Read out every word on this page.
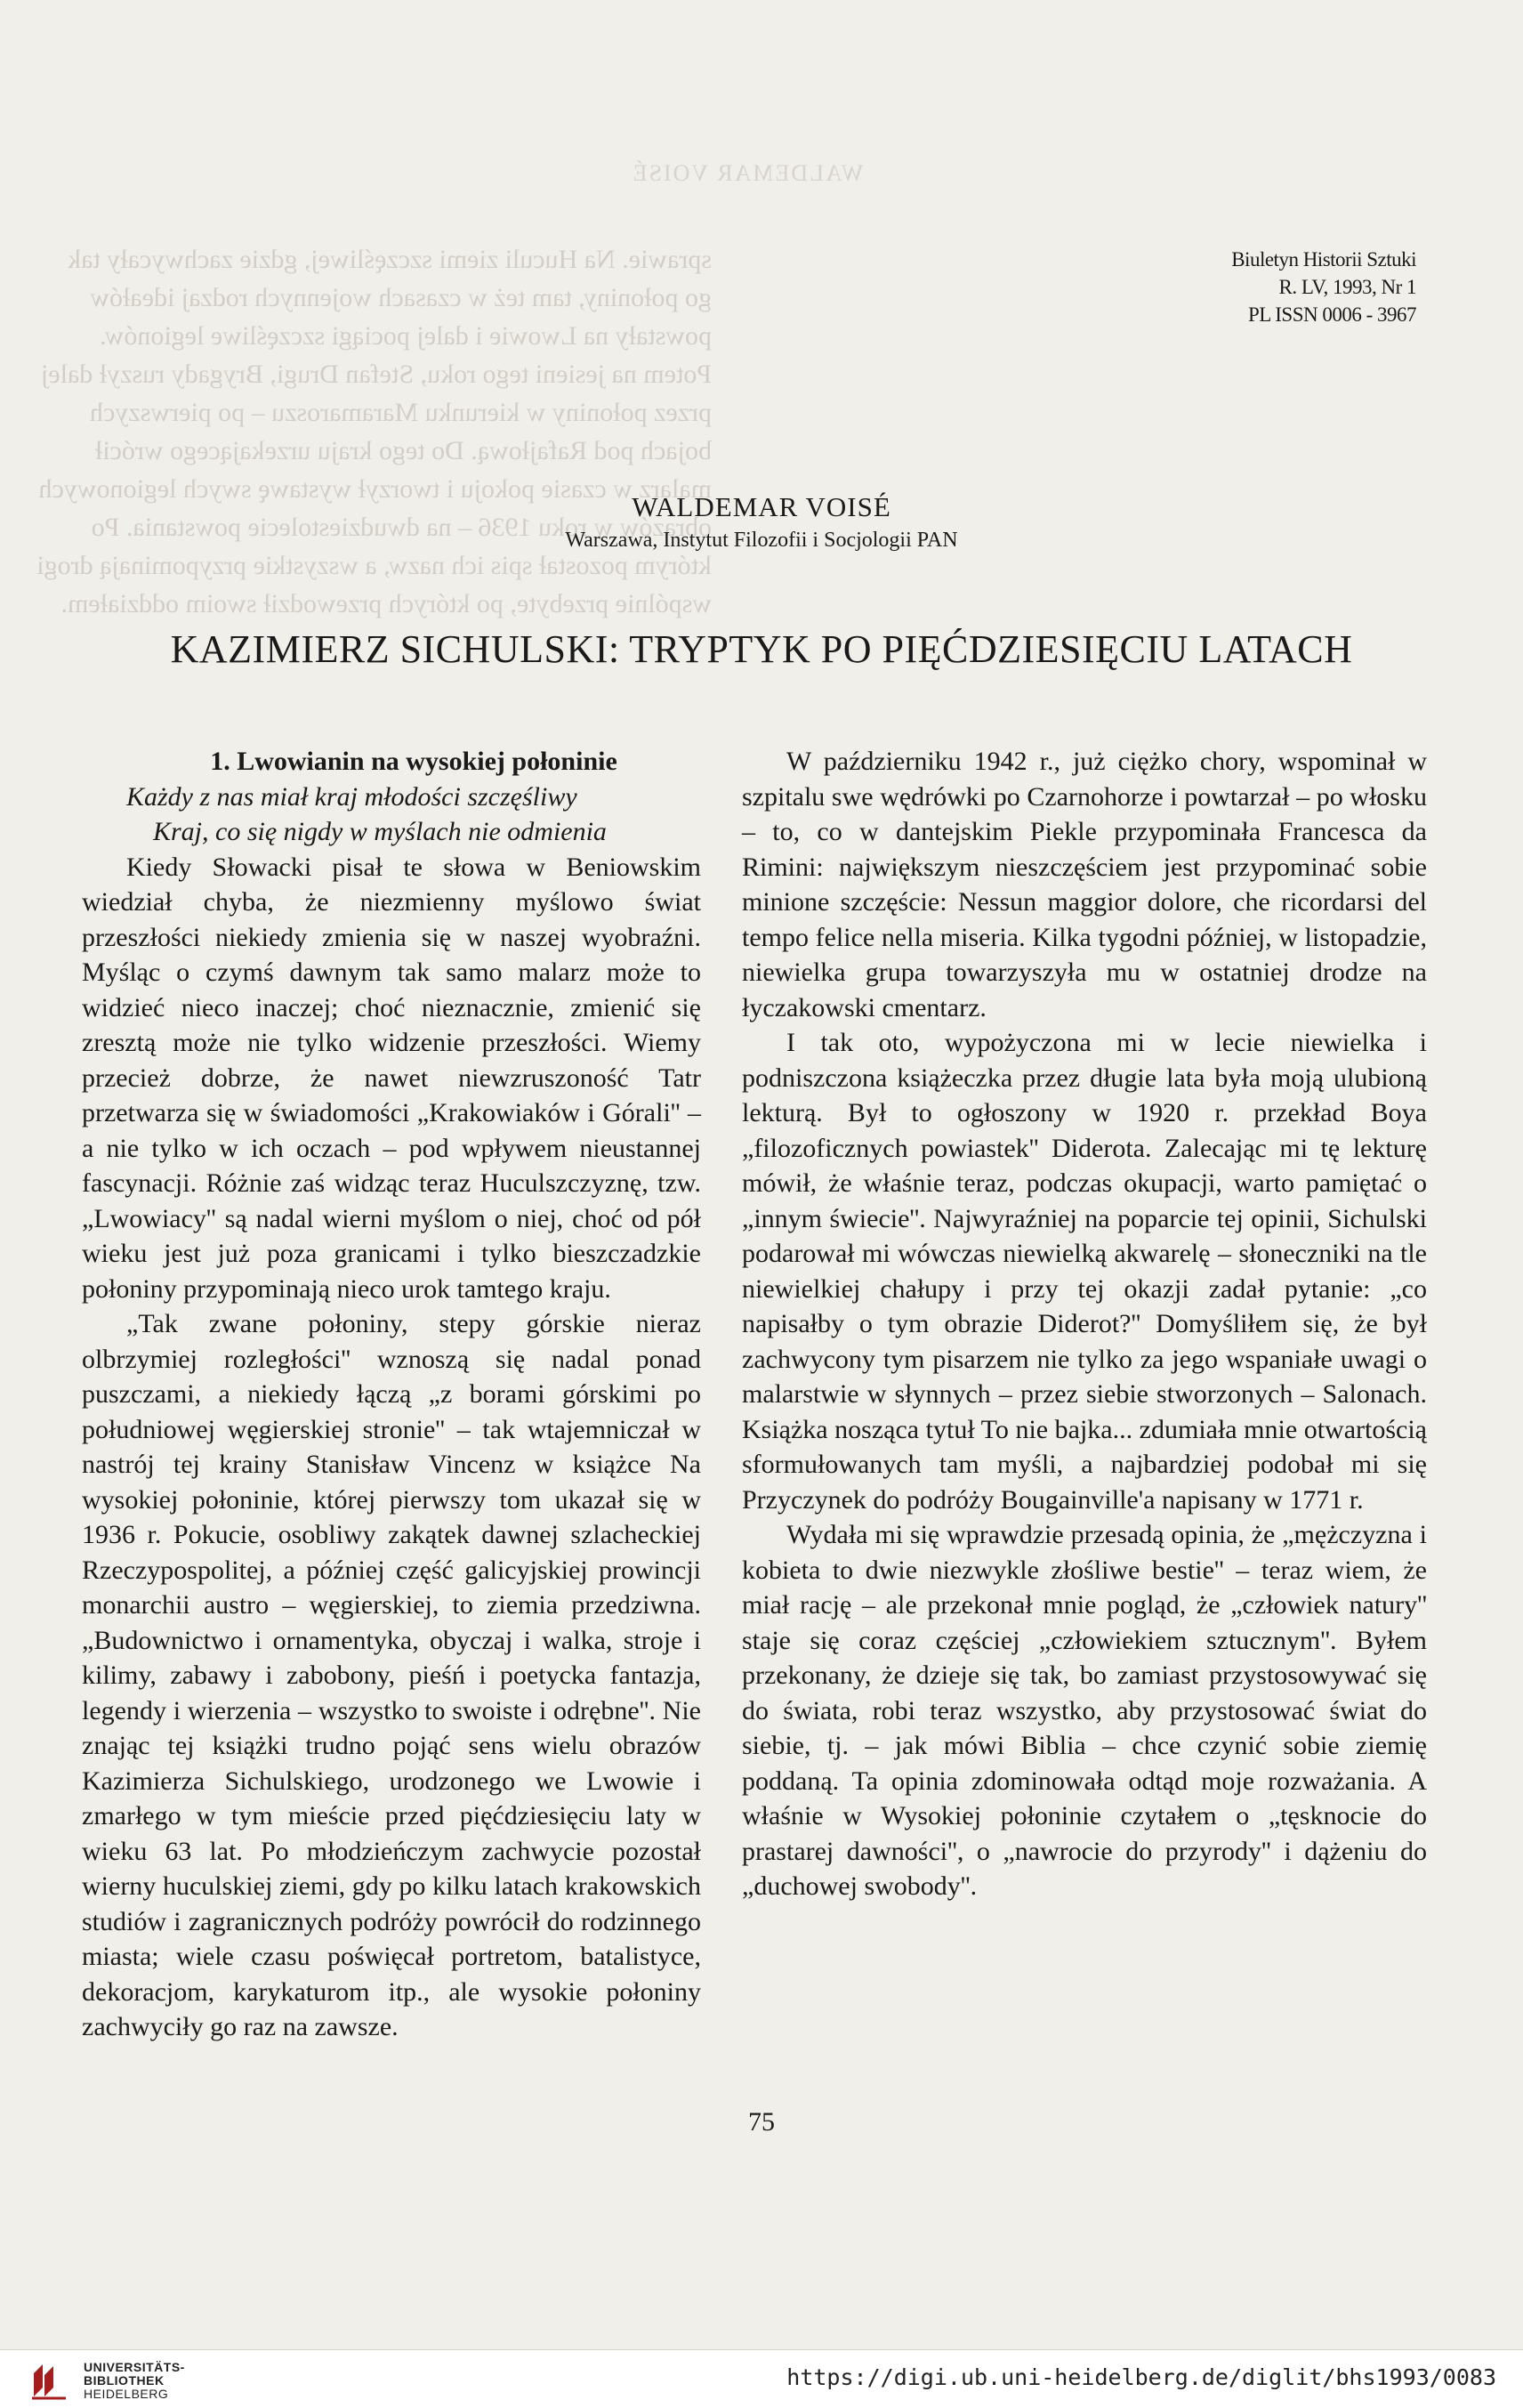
WALDEMAR VOISÉ
sprawie. Na Huculi ziemi szczęśliwej, gdzie zachwycały tak go połoniny, tam też w czasach wojennych rodzaj ideałów powstały na Lwowie i dalej pociągi szczęśliwe legionów. Potem na jesieni tego roku, Stefan Drugi, Brygady ruszył dalej przez połoniny w kierunku Maramaroszu – po pierwszych bojach pod Rafajłową. Do tego kraju urzekającego wrócił malarz w czasie pokoju i tworzył wystawę swych legionowych obrazów w roku 1936 – na dwudziestolecie powstania. Po którym pozostał spis ich nazw, a wszystkie przypominają drogi wspólnie przebyte, po których przewodził swoim oddziałem.
Biuletyn Historii Sztuki
R. LV, 1993, Nr 1
PL ISSN 0006 - 3967
WALDEMAR VOISÉ
Warszawa, Instytut Filozofii i Socjologii PAN
KAZIMIERZ SICHULSKI: TRYPTYK PO PIĘĆDZIESIĘCIU LATACH

1. Lwowianin na wysokiej połoninie

Każdy z nas miał kraj młodości szczęśliwy
Kraj, co się nigdy w myślach nie odmienia

Kiedy Słowacki pisał te słowa w Beniowskim wiedział chyba, że niezmienny myślowo świat przeszłości niekiedy zmienia się w naszej wyobraźni. Myśląc o czymś dawnym tak samo malarz może to widzieć nieco inaczej; choć nieznacznie, zmienić się zresztą może nie tylko widzenie przeszłości. Wiemy przecież dobrze, że nawet niewzruszoność Tatr przetwarza się w świadomości „Krakowiaków i Górali'' – a nie tylko w ich oczach – pod wpływem nieustannej fascynacji. Różnie zaś widząc teraz Huculszczyznę, tzw. „Lwowiacy'' są nadal wierni myślom o niej, choć od pół wieku jest już poza granicami i tylko bieszczadzkie połoniny przypominają nieco urok tamtego kraju.

„Tak zwane połoniny, stepy górskie nieraz olbrzymiej rozległości'' wznoszą się nadal ponad puszczami, a niekiedy łączą „z borami górskimi po południowej węgierskiej stronie'' – tak wtajemniczał w nastrój tej krainy Stanisław Vincenz w książce Na wysokiej połoninie, której pierwszy tom ukazał się w 1936 r. Pokucie, osobliwy zakątek dawnej szlacheckiej Rzeczypospolitej, a później część galicyjskiej prowincji monarchii austro – węgierskiej, to ziemia przedziwna. „Budownictwo i ornamentyka, obyczaj i walka, stroje i kilimy, zabawy i zabobony, pieśń i poetycka fantazja, legendy i wierzenia – wszystko to swoiste i odrębne''. Nie znając tej książki trudno pojąć sens wielu obrazów Kazimierza Sichulskiego, urodzonego we Lwowie i zmarłego w tym mieście przed pięćdziesięciu laty w wieku 63 lat. Po młodzieńczym zachwycie pozostał wierny huculskiej ziemi, gdy po kilku latach krakowskich studiów i zagranicznych podróży powrócił do rodzinnego miasta; wiele czasu poświęcał portretom, batalistyce, dekoracjom, karykaturom itp., ale wysokie połoniny zachwyciły go raz na zawsze.

W październiku 1942 r., już ciężko chory, wspominał w szpitalu swe wędrówki po Czarnohorze i powtarzał – po włosku – to, co w dantejskim Piekle przypominała Francesca da Rimini: największym nieszczęściem jest przypominać sobie minione szczęście: Nessun maggior dolore, che ricordarsi del tempo felice nella miseria. Kilka tygodni później, w listopadzie, niewielka grupa towarzyszyła mu w ostatniej drodze na łyczakowski cmentarz.

I tak oto, wypożyczona mi w lecie niewielka i podniszczona książeczka przez długie lata była moją ulubioną lekturą. Był to ogłoszony w 1920 r. przekład Boya „filozoficznych powiastek'' Diderota. Zalecając mi tę lekturę mówił, że właśnie teraz, podczas okupacji, warto pamiętać o „innym świecie''. Najwyraźniej na poparcie tej opinii, Sichulski podarował mi wówczas niewielką akwarelę – słoneczniki na tle niewielkiej chałupy i przy tej okazji zadał pytanie: „co napisałby o tym obrazie Diderot?'' Domyśliłem się, że był zachwycony tym pisarzem nie tylko za jego wspaniałe uwagi o malarstwie w słynnych – przez siebie stworzonych – Salonach. Książka nosząca tytuł To nie bajka... zdumiała mnie otwartością sformułowanych tam myśli, a najbardziej podobał mi się Przyczynek do podróży Bougainville'a napisany w 1771 r.

Wydała mi się wprawdzie przesadą opinia, że „mężczyzna i kobieta to dwie niezwykle złośliwe bestie'' – teraz wiem, że miał rację – ale przekonał mnie pogląd, że „człowiek natury'' staje się coraz częściej „człowiekiem sztucznym''. Byłem przekonany, że dzieje się tak, bo zamiast przystosowywać się do świata, robi teraz wszystko, aby przystosować świat do siebie, tj. – jak mówi Biblia – chce czynić sobie ziemię poddaną. Ta opinia zdominowała odtąd moje rozważania. A właśnie w Wysokiej połoninie czytałem o „tęsknocie do prastarej dawności'', o „nawrocie do przyrody'' i dążeniu do „duchowej swobody''.

75
UNIVERSITÄTS-
BIBLIOTHEK
HEIDELBERG
https://digi.ub.uni-heidelberg.de/diglit/bhs1993/0083
